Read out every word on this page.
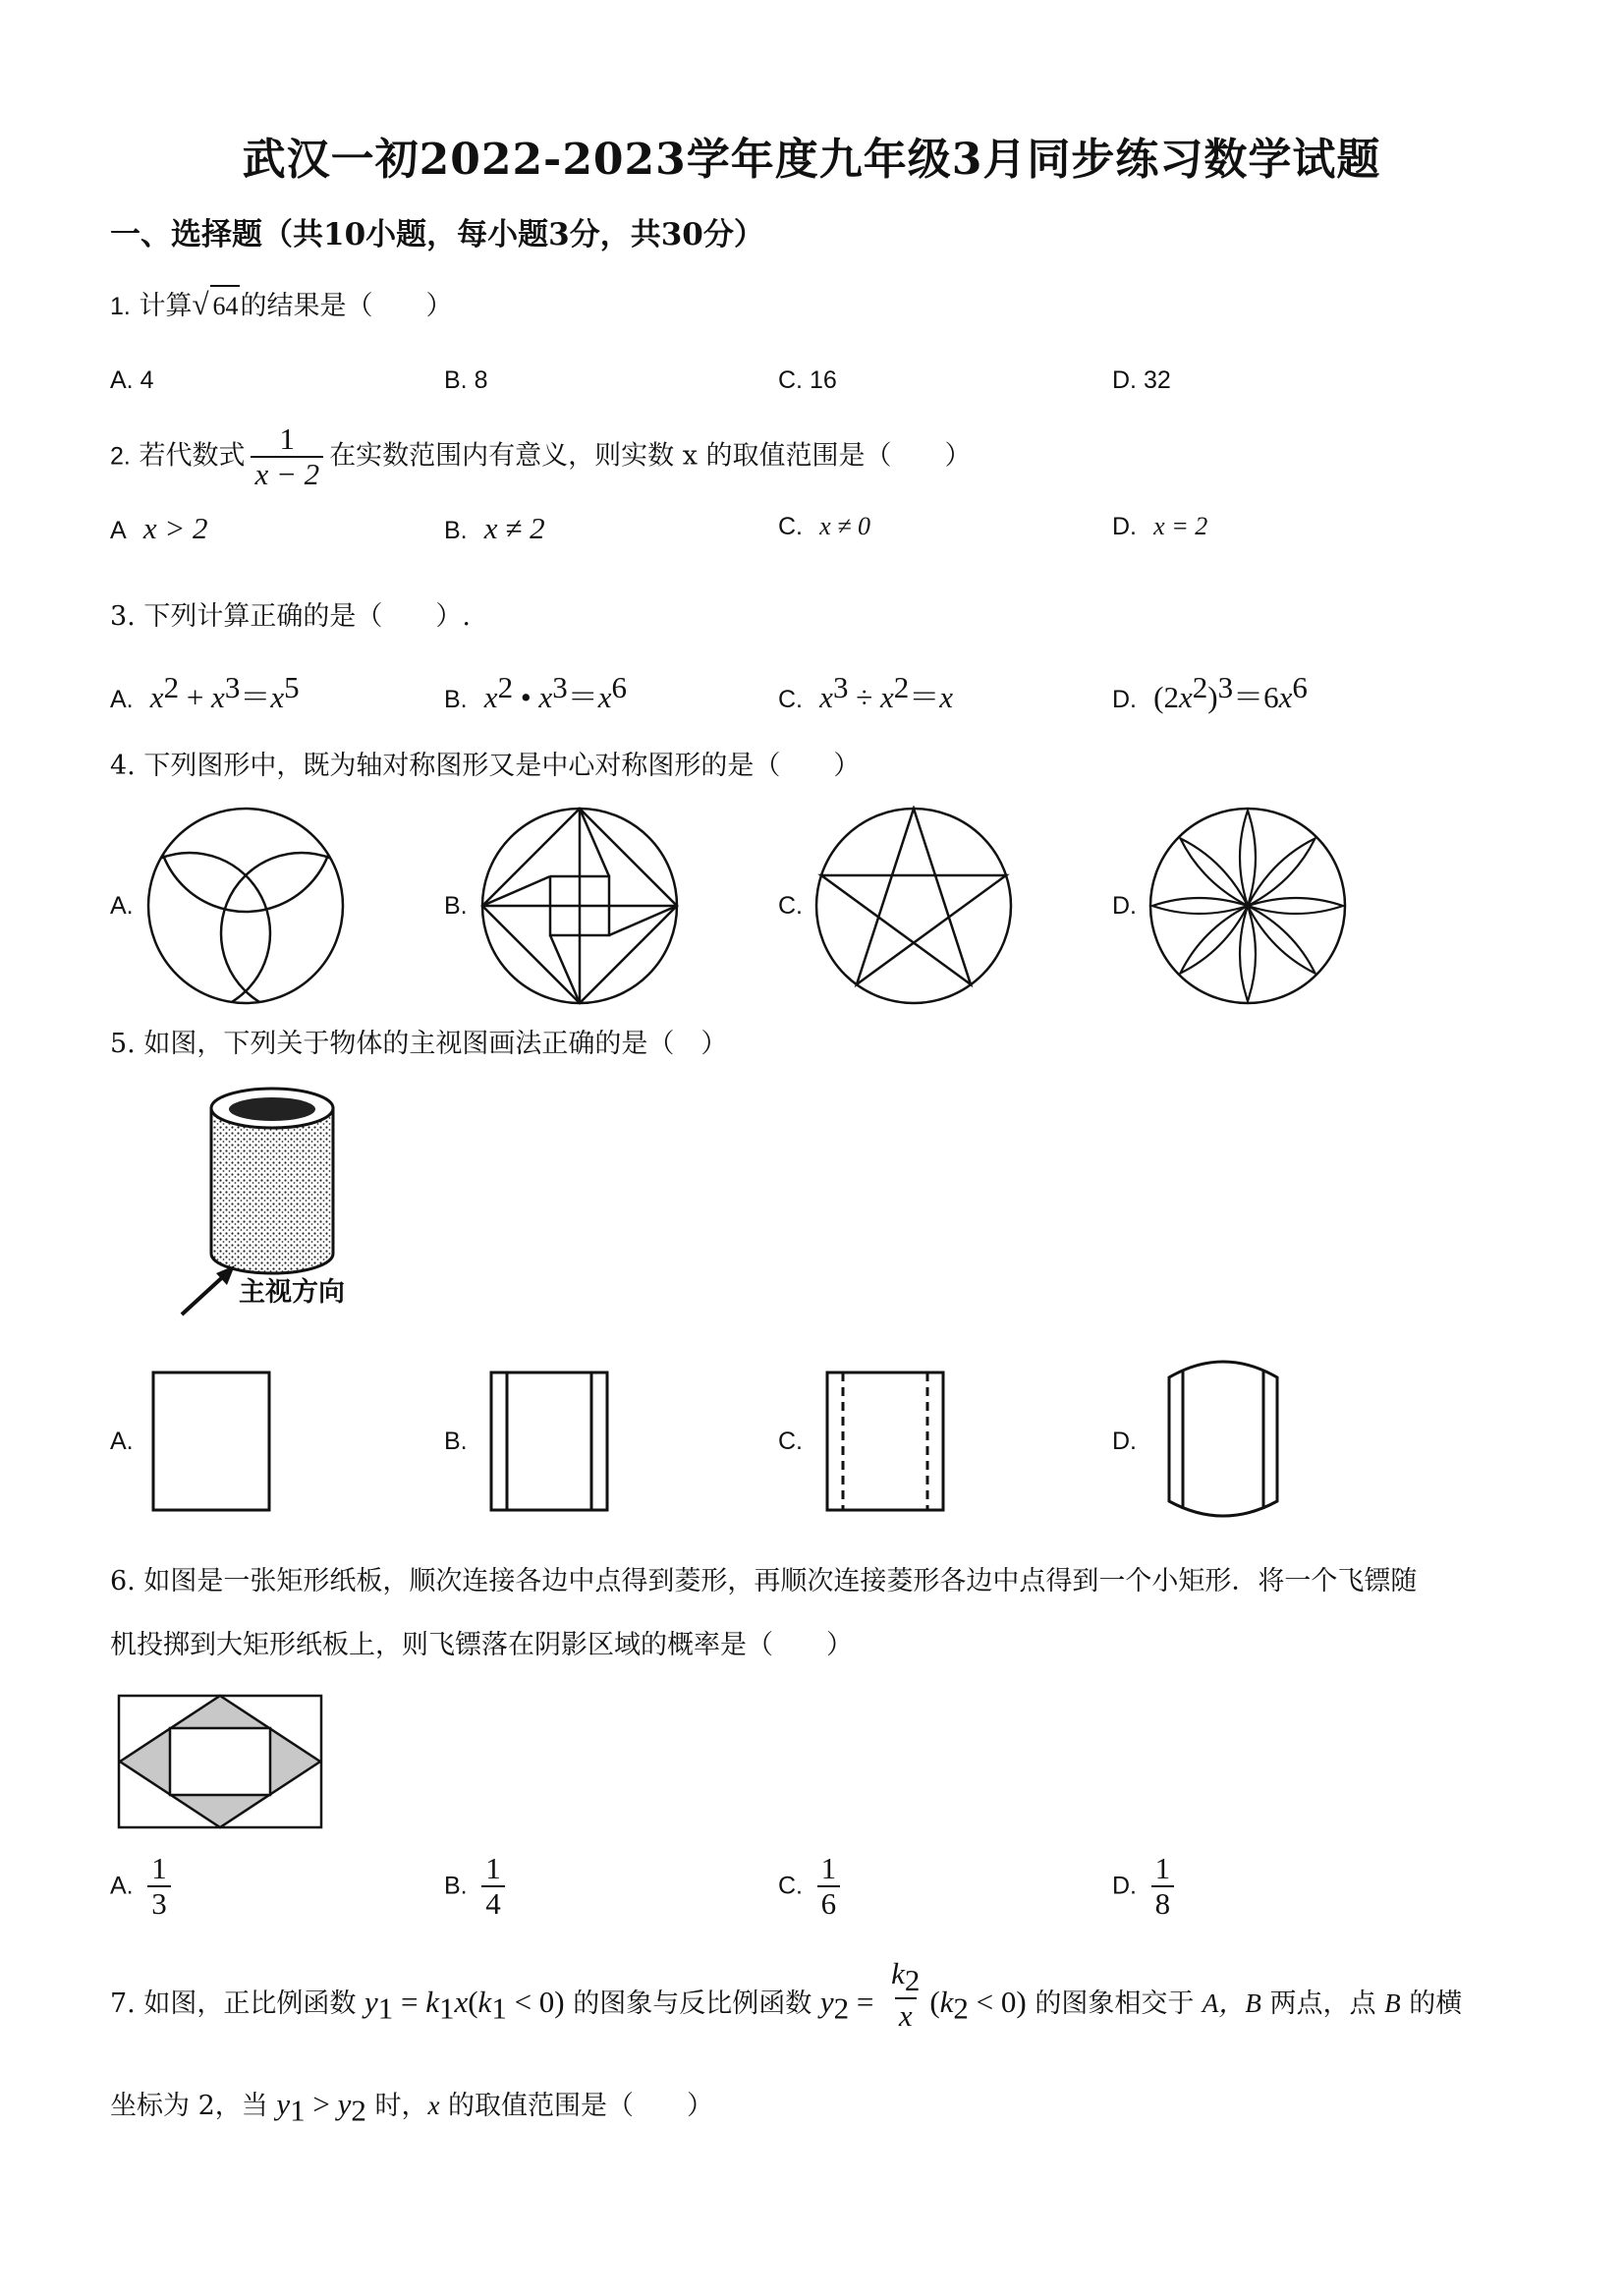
武汉一初2022-2023学年度九年级3月同步练习数学试题
一、选择题（共10小题，每小题3分，共30分）
1. 计算√ 64的结果是（　　）
A. 4	B. 8	C. 16	D. 32
2. 若代数式 $\frac{1}{x - 2}$ 在实数范围内有意义，则实数 x 的取值范围是（　　）
A x > 2	B. x ≠ 2	C. x ≠ 0	D. x = 2
3. 下列计算正确的是（　　）.
A. $x^2 + x^3=x^5$	B. $x^2$ • $x^3=x^6$	C. $x^3 \div x^2=x$	D. $(2x^2)^3=6x^6$
4. 下列图形中，既为轴对称图形又是中心对称图形的是（　　）
A.	B.	C.	D.
5. 如图，下列关于物体的主视图画法正确的是（　）
主视方向
A.	B.	C.	D.
6. 如图是一张矩形纸板，顺次连接各边中点得到菱形，再顺次连接菱形各边中点得到一个小矩形．将一个飞镖随
机投掷到大矩形纸板上，则飞镖落在阴影区域的概率是（　　）
A. $\frac{1}{3}$	B. $\frac{1}{4}$	C. $\frac{1}{6}$	D. $\frac{1}{8}$
7. 如图，正比例函数 $y_1 = k_1x(k_1 < 0)$ 的图象与反比例函数 $y_2 = \frac{k_2}{x} (k_2 < 0)$ 的图象相交于 A，B 两点，点 B 的横
坐标为 2，当 $y_1 > y_2$ 时，x 的取值范围是（　　）
